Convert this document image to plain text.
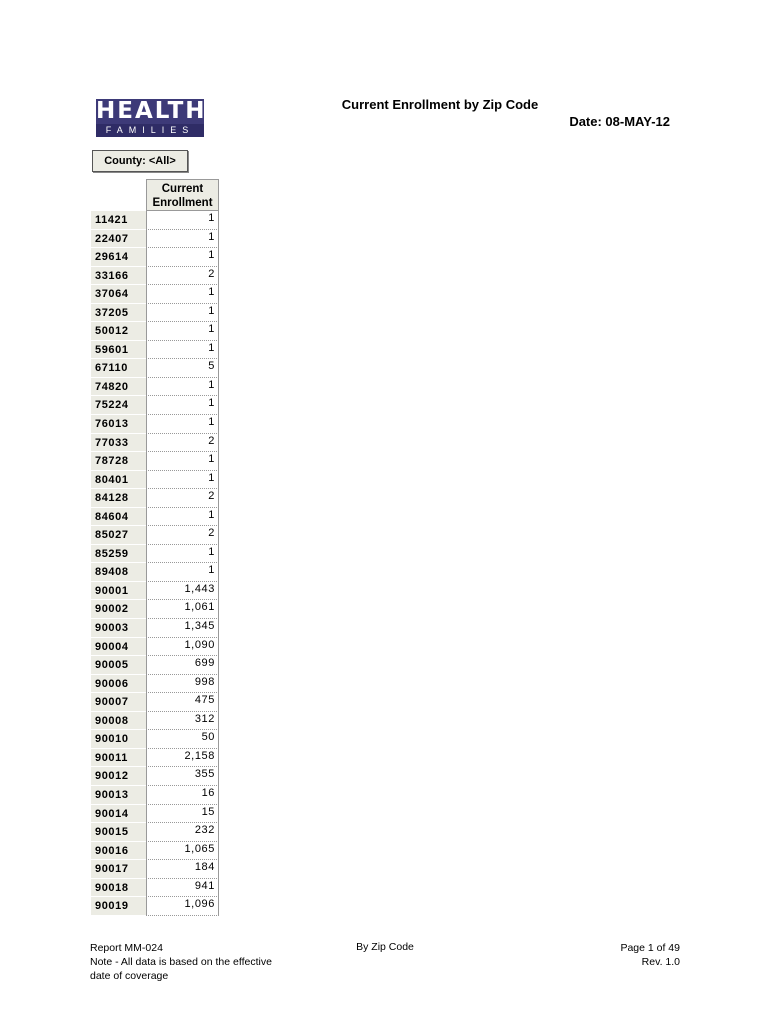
HEALTHY
FAMILIES
Current Enrollment by Zip Code
Date: 08-MAY-12
County: <All>
Current
Enrollment
11421	1
22407	1
29614	1
33166	2
37064	1
37205	1
50012	1
59601	1
67110	5
74820	1
75224	1
76013	1
77033	2
78728	1
80401	1
84128	2
84604	1
85027	2
85259	1
89408	1
90001	1,443
90002	1,061
90003	1,345
90004	1,090
90005	699
90006	998
90007	475
90008	312
90010	50
90011	2,158
90012	355
90013	16
90014	15
90015	232
90016	1,065
90017	184
90018	941
90019	1,096
Report MM-024
Note - All data is based on the effective
date of coverage
By Zip Code	Page 1 of 49
Rev. 1.0
